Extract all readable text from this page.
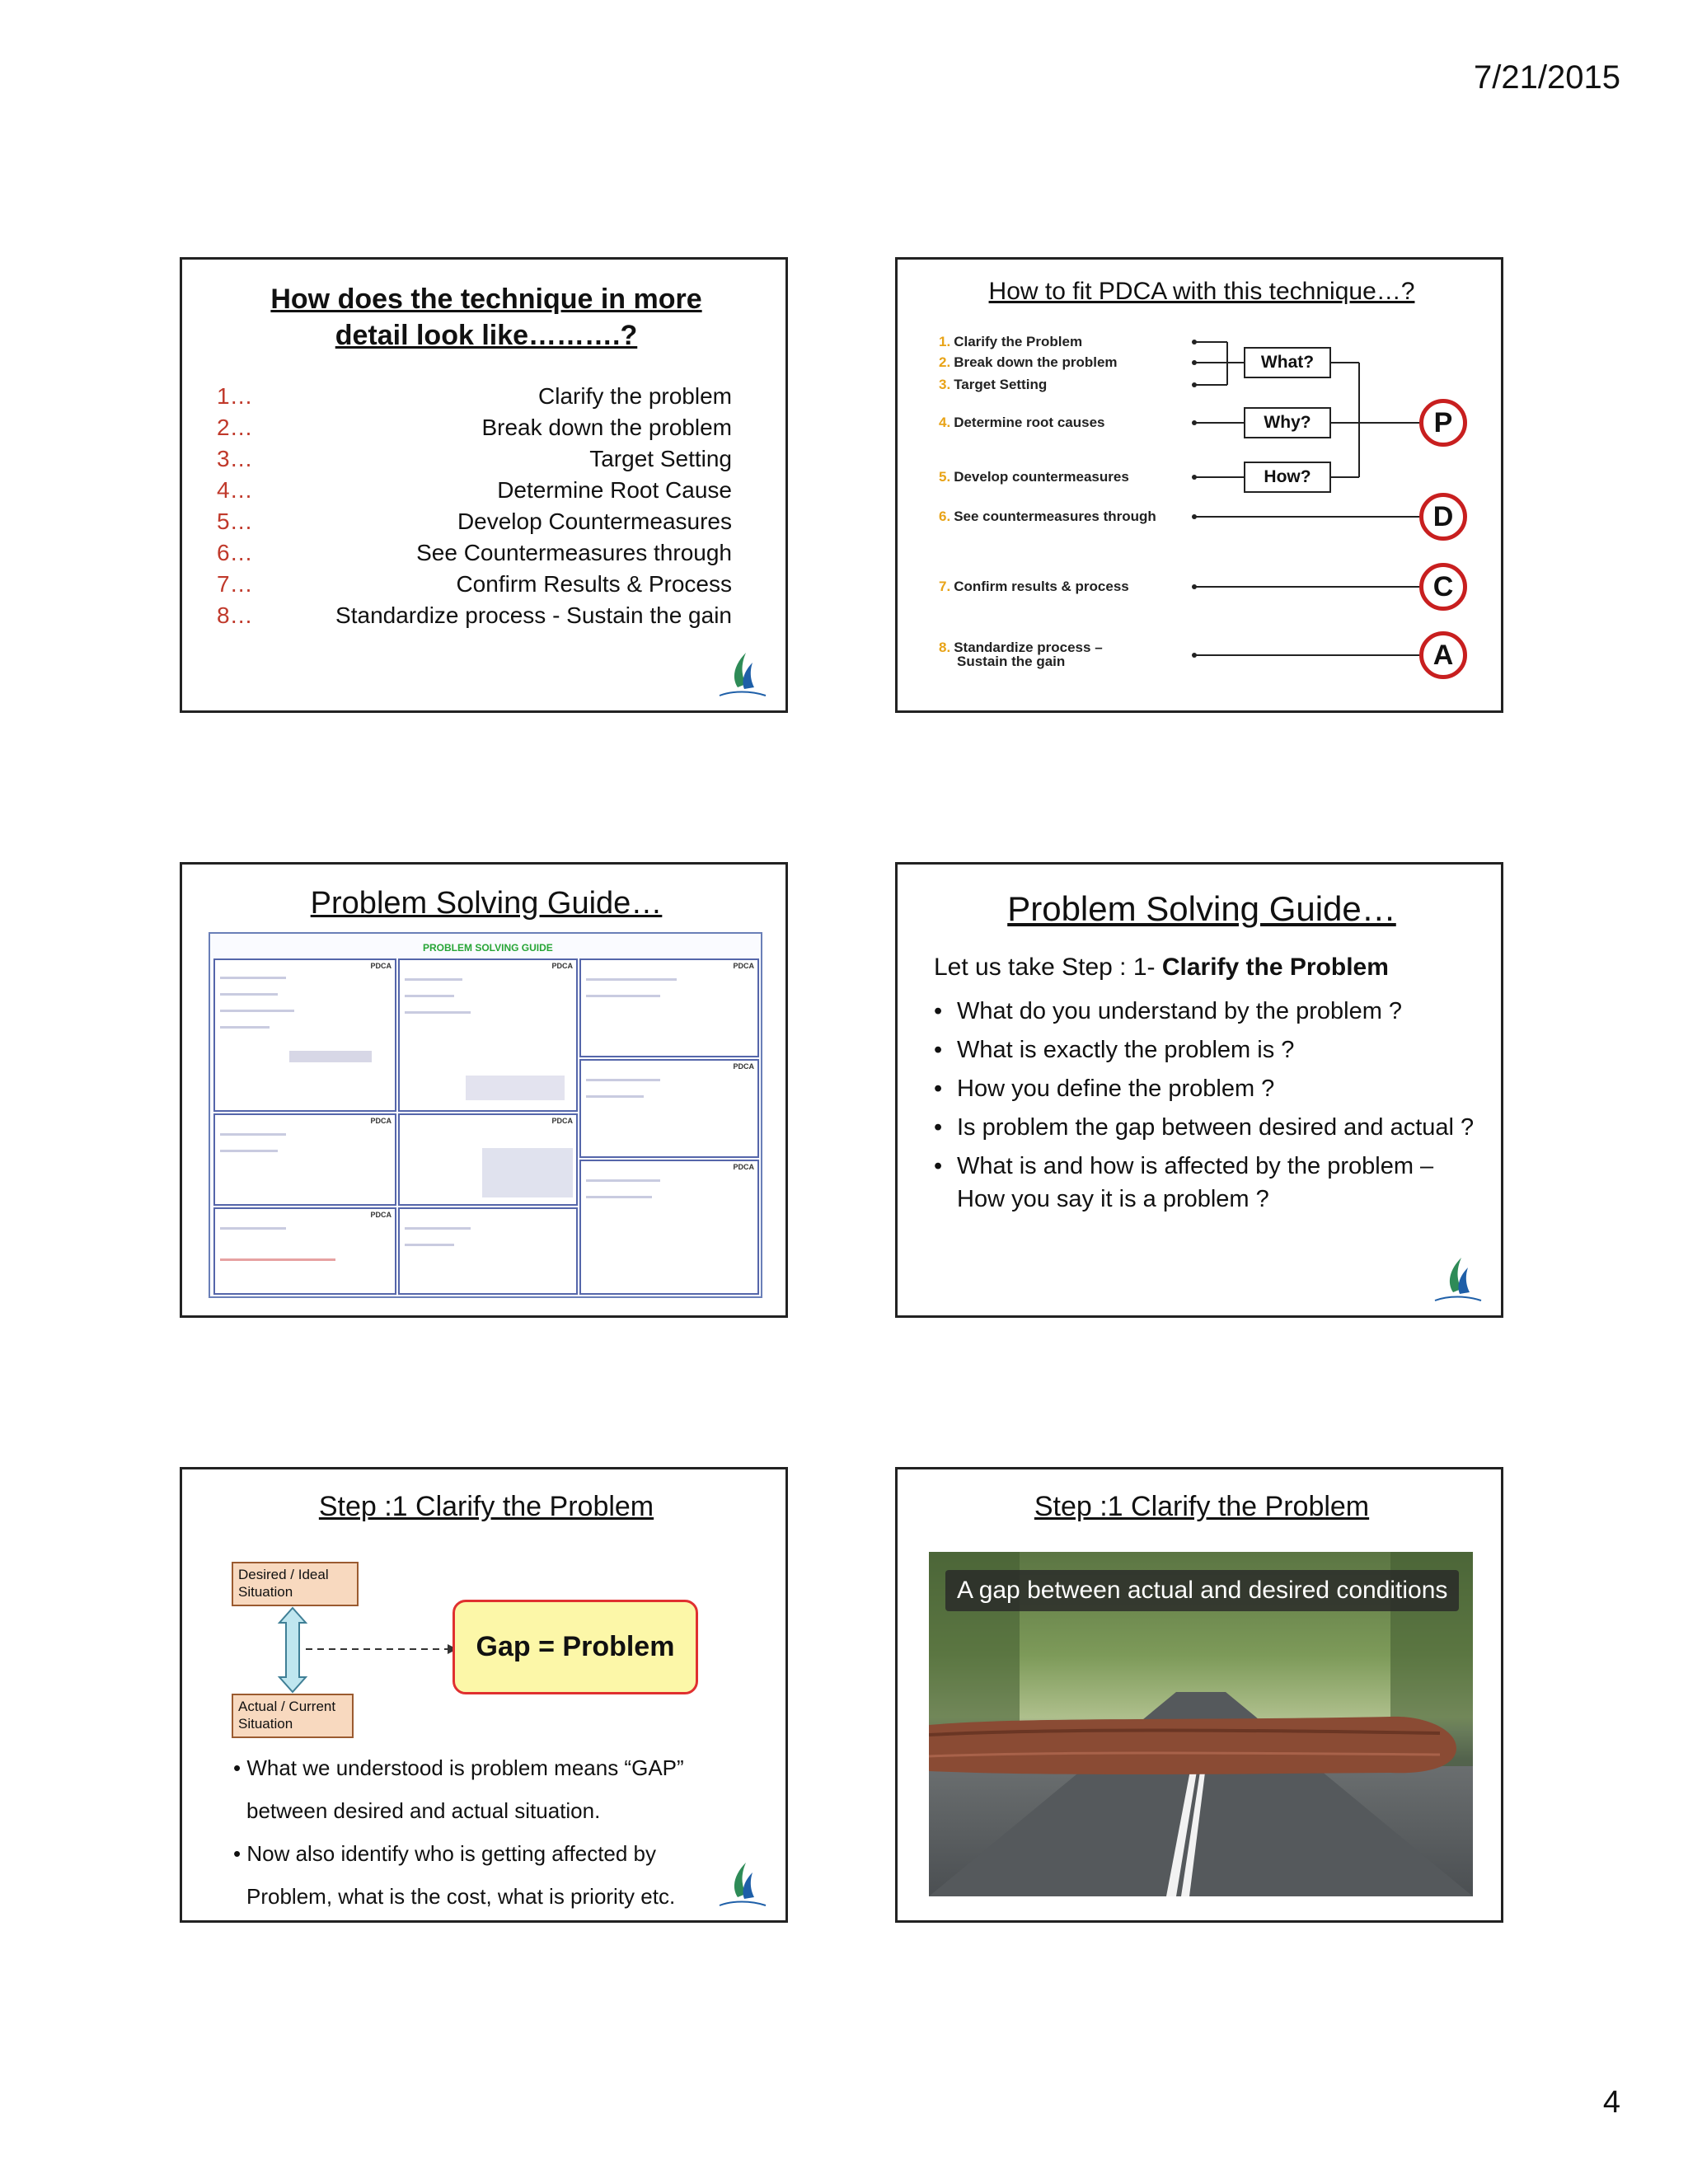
7/21/2015
How does the technique in more
detail look like……….?
1…	Clarify the problem
2…	Break down the problem
3…	Target Setting
4…	Determine Root Cause
5…	Develop Countermeasures
6…	See Countermeasures through
7…	Confirm Results & Process
8…	Standardize process - Sustain the gain
How to fit PDCA with this technique…?
1. Clarify the Problem
2. Break down the problem
3. Target Setting
4. Determine root causes
5. Develop countermeasures
6. See countermeasures through
7. Confirm results & process
8. Standardize process –
Sustain the gain
What?
Why?
How?
P
D
C
A
Problem Solving Guide…
PROBLEM SOLVING GUIDE
PDCA	PDCA	PDCA
PDCA
PDCA	PDCA
PDCA
PDCA
Problem Solving Guide…
Let us take Step : 1- Clarify the Problem
• What do you understand by the problem ?
• What is exactly the problem is ?
• How you define the problem ?
• Is problem the gap between desired and actual ?
• What is and how is affected by the problem – How you say it is a problem ?
Step :1 Clarify the Problem
Desired / Ideal Situation
Actual / Current Situation
Gap = Problem
• What we understood is problem means “GAP”
between desired and actual situation.
• Now also identify who is getting affected by
Problem, what is the cost, what is priority etc.
Step :1 Clarify the Problem
A gap between actual and desired conditions
4
